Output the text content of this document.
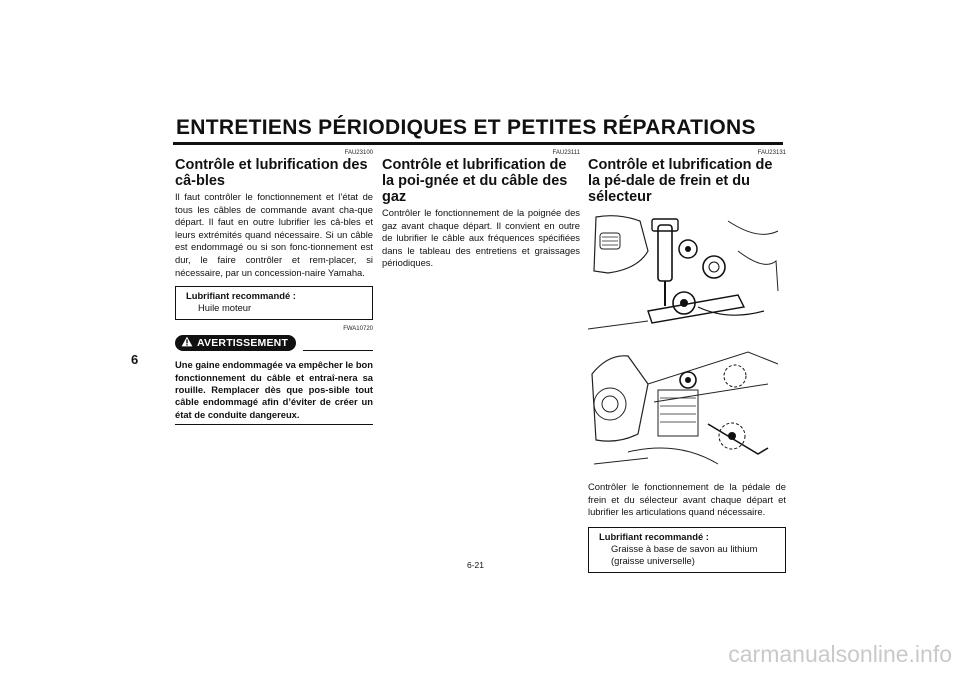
ENTRETIENS PÉRIODIQUES ET PETITES RÉPARATIONS
6

FAU23100

Contrôle et lubrification des câ-bles

Il faut contrôler le fonctionnement et l’état de tous les câbles de commande avant cha-que départ. Il faut en outre lubrifier les câ-bles et leurs extrémités quand nécessaire. Si un câble est endommagé ou si son fonc-tionnement est dur, le faire contrôler et rem-placer, si nécessaire, par un concession-naire Yamaha.

Lubrifiant recommandé :
Huile moteur

FWA10720

AVERTISSEMENT

Une gaine endommagée va empêcher le bon fonctionnement du câble et entraî-nera sa rouille. Remplacer dès que pos-sible tout câble endommagé afin d’éviter de créer un état de conduite dangereux.

FAU23111

Contrôle et lubrification de la poi-gnée et du câble des gaz

Contrôler le fonctionnement de la poignée des gaz avant chaque départ. Il convient en outre de lubrifier le câble aux fréquences spécifiées dans le tableau des entretiens et graissages périodiques.

FAU23131

Contrôle et lubrification de la pé-dale de frein et du sélecteur

Contrôler le fonctionnement de la pédale de frein et du sélecteur avant chaque départ et lubrifier les articulations quand nécessaire.

Lubrifiant recommandé :
Graisse à base de savon au lithium
(graisse universelle)
6-21
carmanualsonline.info
